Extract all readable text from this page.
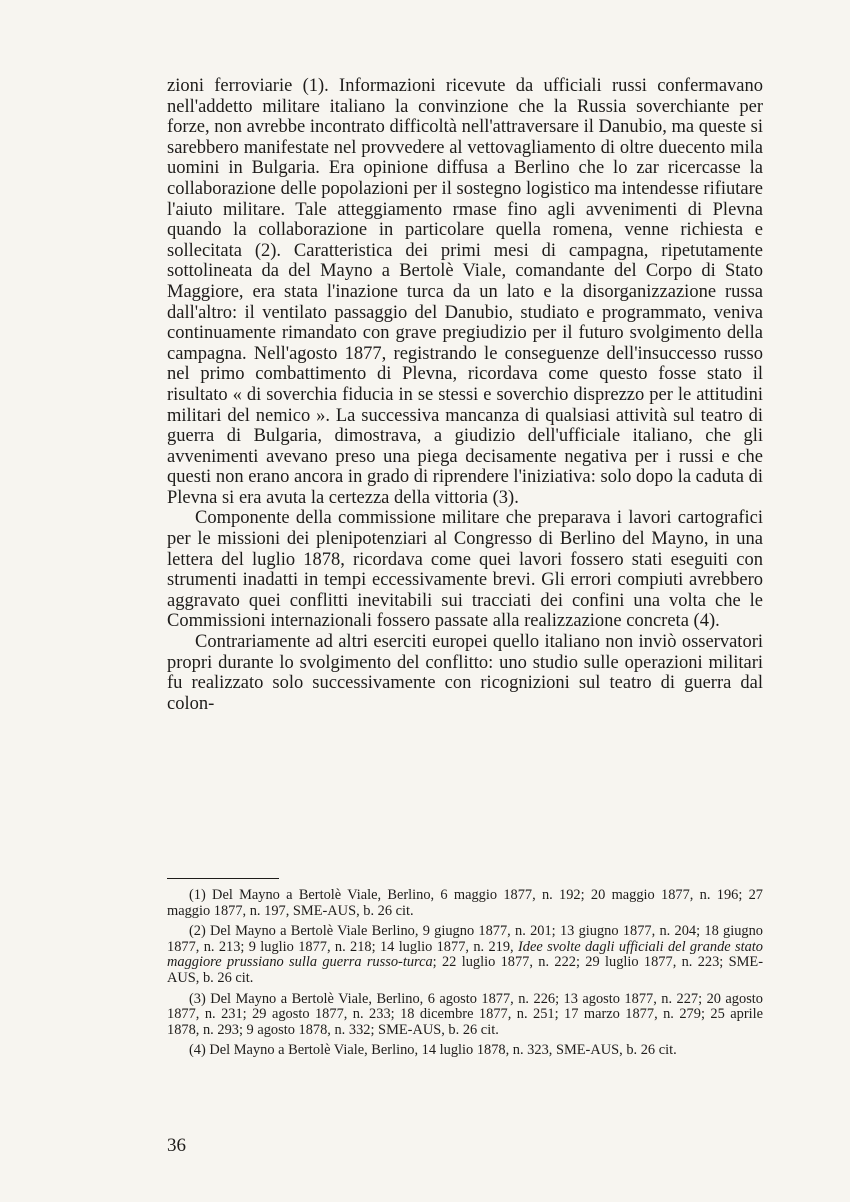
zioni ferroviarie (1). Informazioni ricevute da ufficiali russi confermavano nell'addetto militare italiano la convinzione che la Russia soverchiante per forze, non avrebbe incontrato difficoltà nell'attraversare il Danubio, ma queste si sarebbero manifestate nel provvedere al vettovagliamento di oltre duecento mila uomini in Bulgaria. Era opinione diffusa a Berlino che lo zar ricercasse la collaborazione delle popolazioni per il sostegno logistico ma intendesse rifiutare l'aiuto militare. Tale atteggiamento rmase fino agli avvenimenti di Plevna quando la collaborazione in particolare quella romena, venne richiesta e sollecitata (2). Caratteristica dei primi mesi di campagna, ripetutamente sottolineata da del Mayno a Bertolè Viale, comandante del Corpo di Stato Maggiore, era stata l'inazione turca da un lato e la disorganizzazione russa dall'altro: il ventilato passaggio del Danubio, studiato e programmato, veniva continuamente rimandato con grave pregiudizio per il futuro svolgimento della campagna. Nell'agosto 1877, registrando le conseguenze dell'insuccesso russo nel primo combattimento di Plevna, ricordava come questo fosse stato il risultato « di soverchia fiducia in se stessi e soverchio disprezzo per le attitudini militari del nemico ». La successiva mancanza di qualsiasi attività sul teatro di guerra di Bulgaria, dimostrava, a giudizio dell'ufficiale italiano, che gli avvenimenti avevano preso una piega decisamente negativa per i russi e che questi non erano ancora in grado di riprendere l'iniziativa: solo dopo la caduta di Plevna si era avuta la certezza della vittoria (3).

Componente della commissione militare che preparava i lavori cartografici per le missioni dei plenipotenziari al Congresso di Berlino del Mayno, in una lettera del luglio 1878, ricordava come quei lavori fossero stati eseguiti con strumenti inadatti in tempi eccessivamente brevi. Gli errori compiuti avrebbero aggravato quei conflitti inevitabili sui tracciati dei confini una volta che le Commissioni internazionali fossero passate alla realizzazione concreta (4).

Contrariamente ad altri eserciti europei quello italiano non inviò osservatori propri durante lo svolgimento del conflitto: uno studio sulle operazioni militari fu realizzato solo successivamente con ricognizioni sul teatro di guerra dal colon-

(1) Del Mayno a Bertolè Viale, Berlino, 6 maggio 1877, n. 192; 20 maggio 1877, n. 196; 27 maggio 1877, n. 197, SME-AUS, b. 26 cit.

(2) Del Mayno a Bertolè Viale Berlino, 9 giugno 1877, n. 201; 13 giugno 1877, n. 204; 18 giugno 1877, n. 213; 9 luglio 1877, n. 218; 14 luglio 1877, n. 219, Idee svolte dagli ufficiali del grande stato maggiore prussiano sulla guerra russo-turca; 22 luglio 1877, n. 222; 29 luglio 1877, n. 223; SME-AUS, b. 26 cit.

(3) Del Mayno a Bertolè Viale, Berlino, 6 agosto 1877, n. 226; 13 agosto 1877, n. 227; 20 agosto 1877, n. 231; 29 agosto 1877, n. 233; 18 dicembre 1877, n. 251; 17 marzo 1877, n. 279; 25 aprile 1878, n. 293; 9 agosto 1878, n. 332; SME-AUS, b. 26 cit.

(4) Del Mayno a Bertolè Viale, Berlino, 14 luglio 1878, n. 323, SME-AUS, b. 26 cit.

36
